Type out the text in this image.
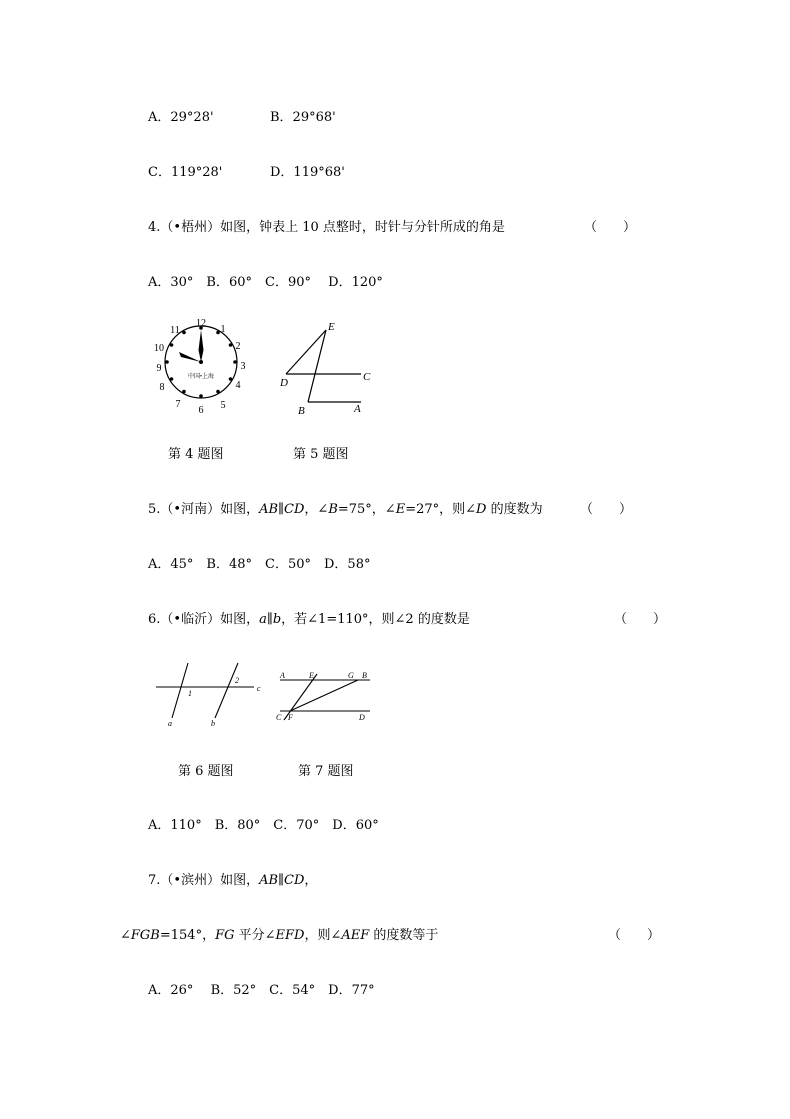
A．29°28'	B．29°68'
C．119°28'	D．119°68'
4.（•梧州）如图，钟表上 10 点整时，时针与分针所成的角是	（　　）
A．30°　B．60°　C．90°　 D．120°
12
1
2
3
4
5
6
7
8
9
10
11
中国•上海
E
D	C
B	A
第 4 题图	第 5 题图
5.（•河南）如图，AB∥CD，∠B=75°，∠E=27°，则∠D 的度数为	（　　）
A．45°　B．48°　C．50°　D．58°
6.（•临沂）如图，a∥b，若∠1=110°，则∠2 的度数是	（　　）
1
2
c
a	b
A	E	G B
C F	D
第 6 题图	第 7 题图
A．110°　B．80°　C．70°　D．60°
7.（•滨州）如图，AB∥CD，
∠FGB=154°，FG 平分∠EFD，则∠AEF 的度数等于	（　　）
A．26°　 B．52°　C．54°　D．77°
